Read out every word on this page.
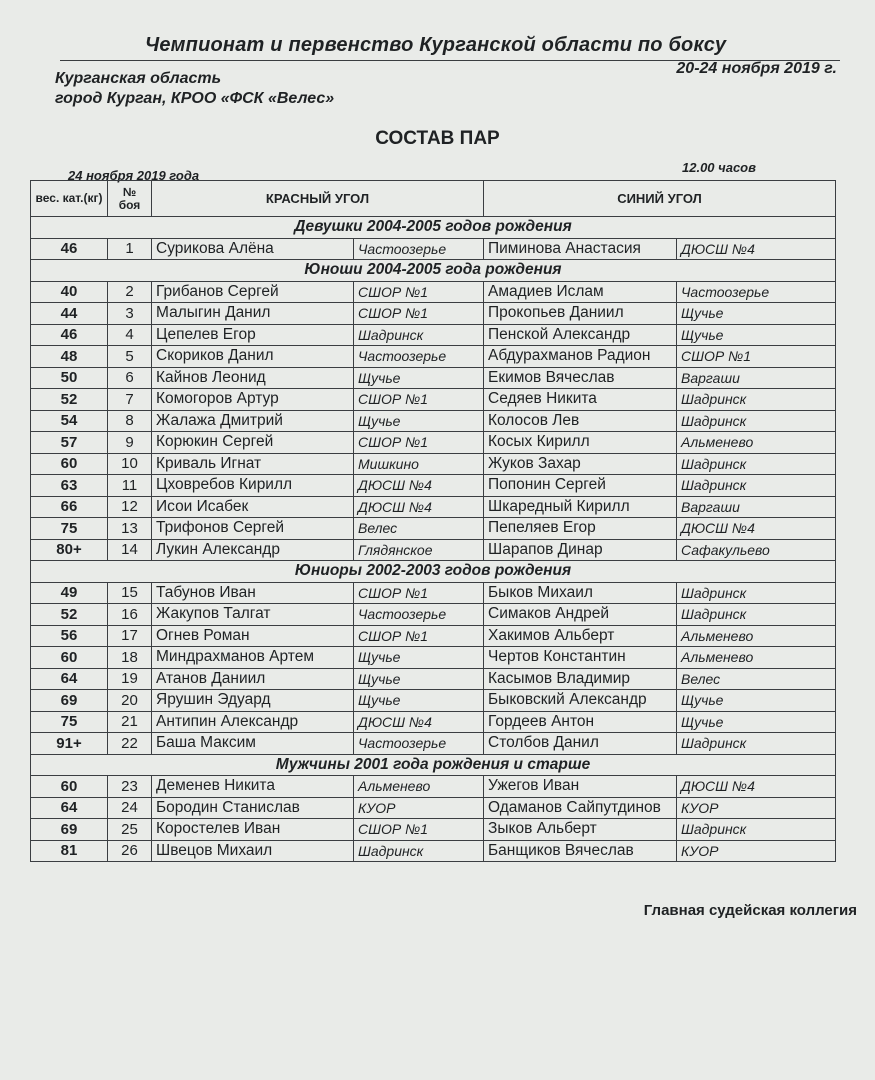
Чемпионат и первенство Курганской области по боксу
20-24 ноября 2019 г.
Курганская область
город Курган, КРОО «ФСК «Велес»
СОСТАВ ПАР
24 ноября 2019 года
12.00 часов
вес. кат.(кг)	№ боя	КРАСНЫЙ УГОЛ		СИНИЙ УГОЛ	
Девушки 2004-2005 годов рождения					
46	1	Сурикова Алёна	Частоозерье	Пиминова Анастасия	ДЮСШ №4
Юноши 2004-2005 года рождения					
40	2	Грибанов Сергей	СШОР №1	Амадиев Ислам	Частоозерье
44	3	Малыгин Данил	СШОР №1	Прокопьев Даниил	Щучье
46	4	Цепелев Егор	Шадринск	Пенской Александр	Щучье
48	5	Скориков Данил	Частоозерье	Абдурахманов Радион	СШОР №1
50	6	Кайнов Леонид	Щучье	Екимов Вячеслав	Варгаши
52	7	Комогоров Артур	СШОР №1	Седяев Никита	Шадринск
54	8	Жалажа Дмитрий	Щучье	Колосов Лев	Шадринск
57	9	Корюкин Сергей	СШОР №1	Косых Кирилл	Альменево
60	10	Криваль Игнат	Мишкино	Жуков Захар	Шадринск
63	11	Цховребов Кирилл	ДЮСШ №4	Попонин Сергей	Шадринск
66	12	Исои Исабек	ДЮСШ №4	Шкаредный Кирилл	Варгаши
75	13	Трифонов Сергей	Велес	Пепеляев Егор	ДЮСШ №4
80+	14	Лукин Александр	Глядянское	Шарапов Динар	Сафакульево
Юниоры 2002-2003 годов рождения					
49	15	Табунов Иван	СШОР №1	Быков Михаил	Шадринск
52	16	Жакупов Талгат	Частоозерье	Симаков Андрей	Шадринск
56	17	Огнев Роман	СШОР №1	Хакимов Альберт	Альменево
60	18	Миндрахманов Артем	Щучье	Чертов Константин	Альменево
64	19	Атанов Даниил	Щучье	Касымов Владимир	Велес
69	20	Ярушин Эдуард	Щучье	Быковский Александр	Щучье
75	21	Антипин Александр	ДЮСШ №4	Гордеев Антон	Щучье
91+	22	Баша Максим	Частоозерье	Столбов Данил	Шадринск
Мужчины 2001 года рождения и старше					
60	23	Деменев Никита	Альменево	Ужегов Иван	ДЮСШ №4
64	24	Бородин Станислав	КУОР	Одаманов Сайпутдинов	КУОР
69	25	Коростелев Иван	СШОР №1	Зыков Альберт	Шадринск
81	26	Швецов Михаил	Шадринск	Банщиков Вячеслав	КУОР
Главная судейская коллегия
